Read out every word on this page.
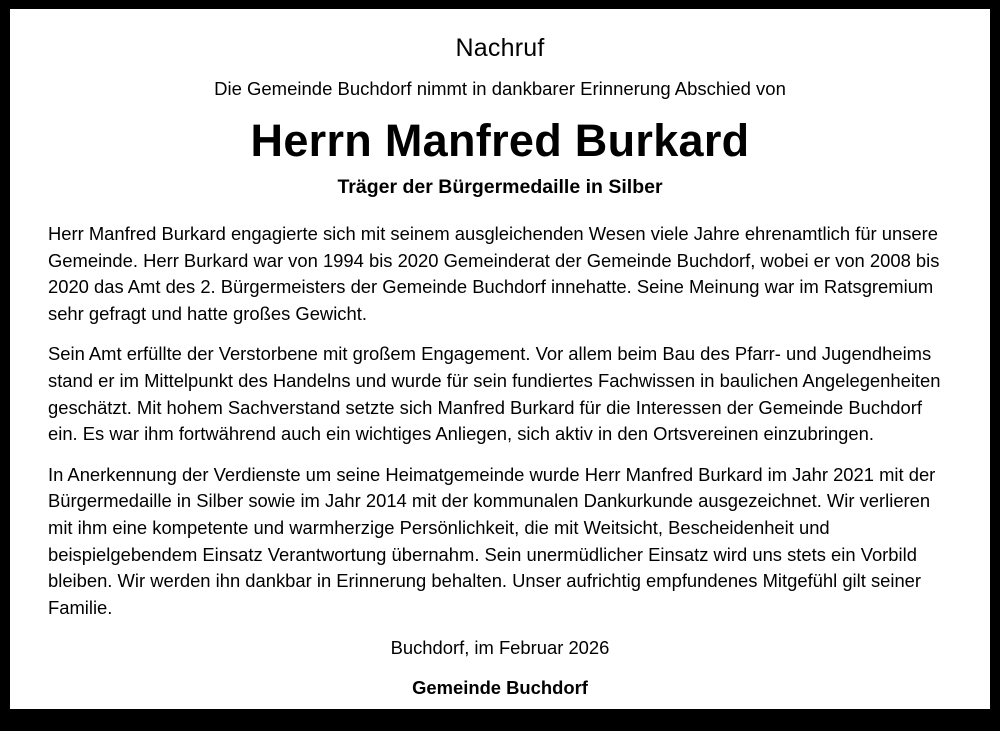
Nachruf
Die Gemeinde Buchdorf nimmt in dankbarer Erinnerung Abschied von
Herrn Manfred Burkard
Träger der Bürgermedaille in Silber

Herr Manfred Burkard engagierte sich mit seinem ausgleichenden Wesen viele Jahre ehrenamtlich für unsere Gemeinde. Herr Burkard war von 1994 bis 2020 Gemeinderat der Gemeinde Buchdorf, wobei er von 2008 bis 2020 das Amt des 2. Bürgermeisters der Gemeinde Buchdorf innehatte. Seine Meinung war im Ratsgremium sehr gefragt und hatte großes Gewicht.

Sein Amt erfüllte der Verstorbene mit großem Engagement. Vor allem beim Bau des Pfarr- und Jugendheims stand er im Mittelpunkt des Handelns und wurde für sein fundiertes Fachwissen in baulichen Angelegenheiten geschätzt. Mit hohem Sachverstand setzte sich Manfred Burkard für die Interessen der Gemeinde Buchdorf ein. Es war ihm fortwährend auch ein wichtiges Anliegen, sich aktiv in den Ortsvereinen einzubringen.

In Anerkennung der Verdienste um seine Heimatgemeinde wurde Herr Manfred Burkard im Jahr 2021 mit der Bürgermedaille in Silber sowie im Jahr 2014 mit der kommunalen Dankurkunde ausgezeichnet. Wir verlieren mit ihm eine kompetente und warmherzige Persönlichkeit, die mit Weitsicht, Bescheidenheit und beispielgebendem Einsatz Verantwortung übernahm. Sein unermüdlicher Einsatz wird uns stets ein Vorbild bleiben. Wir werden ihn dankbar in Erinnerung behalten. Unser aufrichtig empfundenes Mitgefühl gilt seiner Familie.

Buchdorf, im Februar 2026
Gemeinde Buchdorf
Walter Grob, Erster Bürgermeister
